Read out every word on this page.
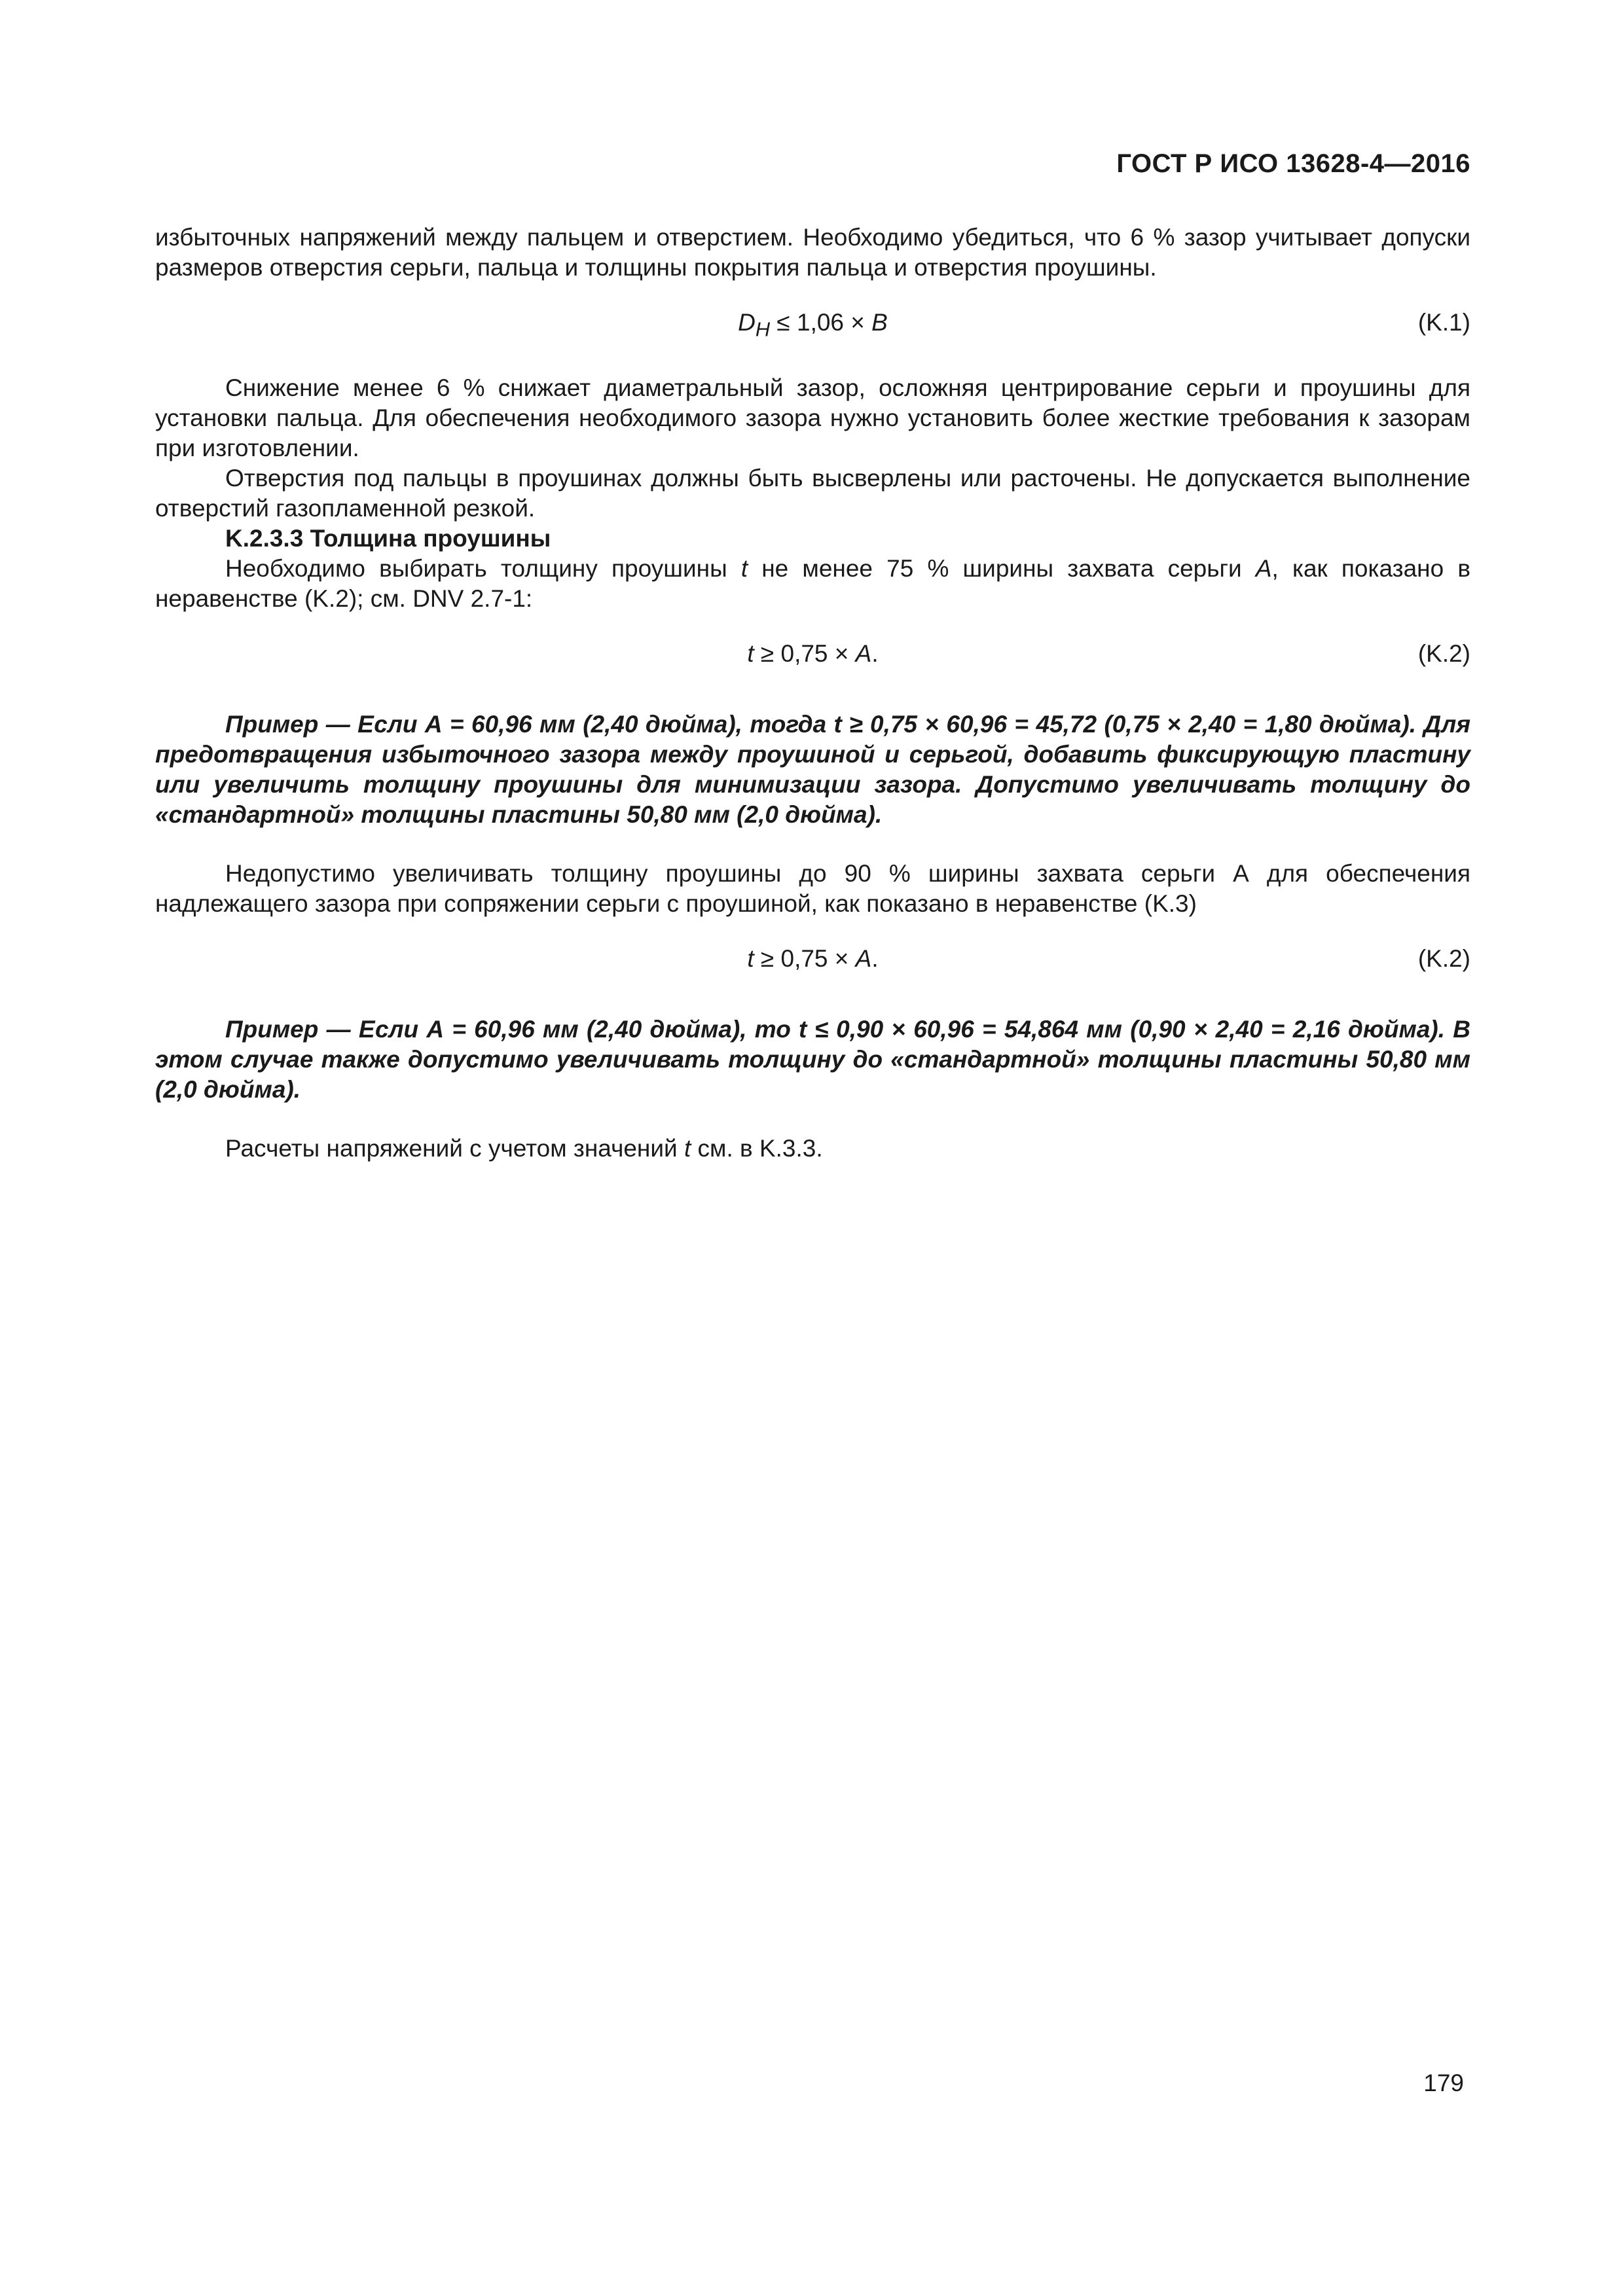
ГОСТ Р ИСО 13628-4—2016

избыточных напряжений между пальцем и отверстием. Необходимо убедиться, что 6 % зазор учитывает допуски размеров отверстия серьги, пальца и толщины покрытия пальца и отверстия проушины.

$D_H \le 1,06 \times B$	(K.1)

Снижение менее 6 % снижает диаметральный зазор, осложняя центрирование серьги и проушины для установки пальца. Для обеспечения необходимого зазора нужно установить более жесткие требования к зазорам при изготовлении.

Отверстия под пальцы в проушинах должны быть высверлены или расточены. Не допускается выполнение отверстий газопламенной резкой.

K.2.3.3 Толщина проушины

Необходимо выбирать толщину проушины t не менее 75 % ширины захвата серьги A, как показано в неравенстве (K.2); см. DNV 2.7-1:

t ≥ 0,75 × A.	(K.2)

Пример — Если А = 60,96 мм (2,40 дюйма), тогда t ≥ 0,75 × 60,96 = 45,72 (0,75 × 2,40 = 1,80 дюйма). Для предотвращения избыточного зазора между проушиной и серьгой, добавить фиксирующую пластину или увеличить толщину проушины для минимизации зазора. Допустимо увеличивать толщину до «стандартной» толщины пластины 50,80 мм (2,0 дюйма).

Недопустимо увеличивать толщину проушины до 90 % ширины захвата серьги А для обеспечения надлежащего зазора при сопряжении серьги с проушиной, как показано в неравенстве (K.3)

t ≥ 0,75 × A.	(K.2)

Пример — Если А = 60,96 мм (2,40 дюйма), то t ≤ 0,90 × 60,96 = 54,864 мм (0,90 × 2,40 = 2,16 дюйма). В этом случае также допустимо увеличивать толщину до «стандартной» толщины пластины 50,80 мм (2,0 дюйма).

Расчеты напряжений с учетом значений t см. в K.3.3.

179
